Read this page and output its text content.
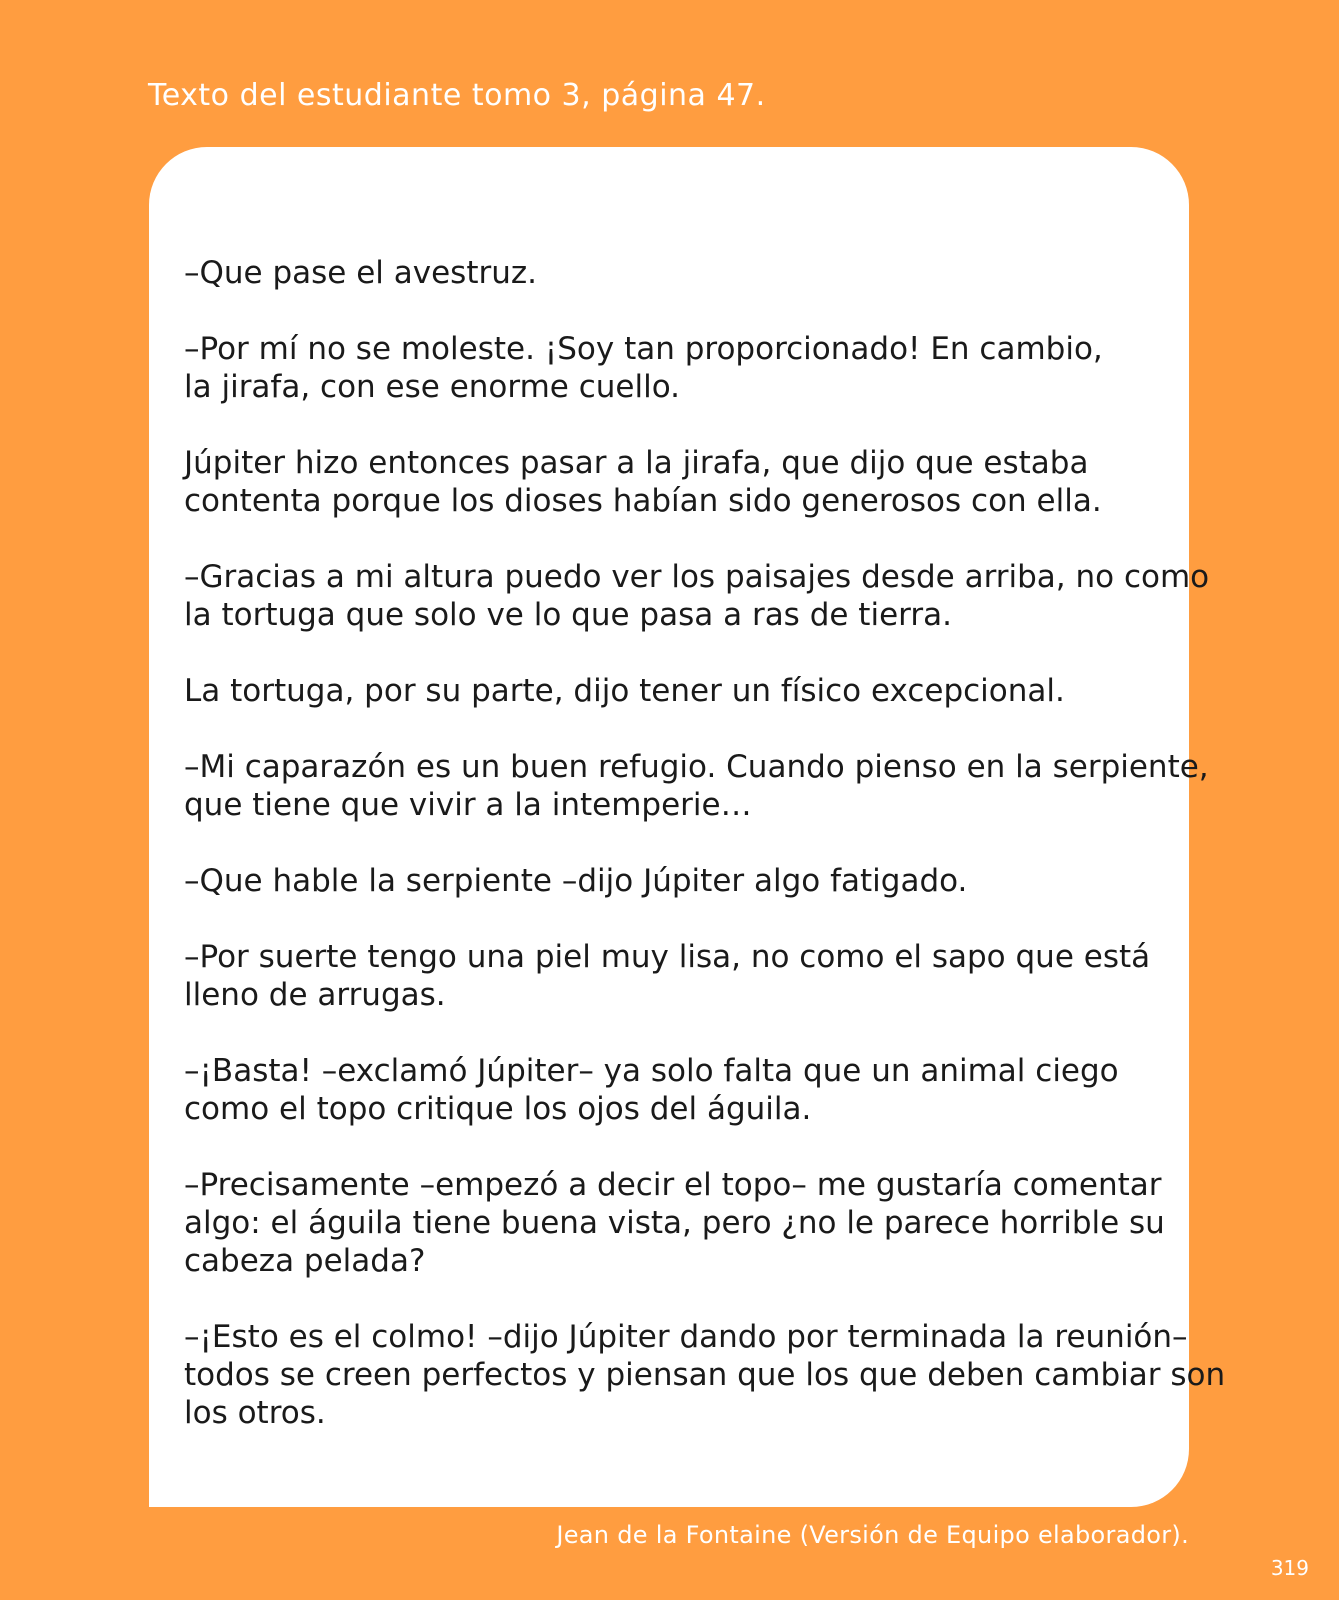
Texto del estudiante tomo 3, página 47.

–Que pase el avestruz.

–Por mí no se moleste. ¡Soy tan proporcionado! En cambio,
la jirafa, con ese enorme cuello.

Júpiter hizo entonces pasar a la jirafa, que dijo que estaba
contenta porque los dioses habían sido generosos con ella.

–Gracias a mi altura puedo ver los paisajes desde arriba, no como
la tortuga que solo ve lo que pasa a ras de tierra.

La tortuga, por su parte, dijo tener un físico excepcional.

–Mi caparazón es un buen refugio. Cuando pienso en la serpiente,
que tiene que vivir a la intemperie…

–Que hable la serpiente –dijo Júpiter algo fatigado.

–Por suerte tengo una piel muy lisa, no como el sapo que está
lleno de arrugas.

–¡Basta! –exclamó Júpiter– ya solo falta que un animal ciego
como el topo critique los ojos del águila.

–Precisamente –empezó a decir el topo– me gustaría comentar
algo: el águila tiene buena vista, pero ¿no le parece horrible su
cabeza pelada?

–¡Esto es el colmo! –dijo Júpiter dando por terminada la reunión–
todos se creen perfectos y piensan que los que deben cambiar son
los otros.

Jean de la Fontaine (Versión de Equipo elaborador).
319
